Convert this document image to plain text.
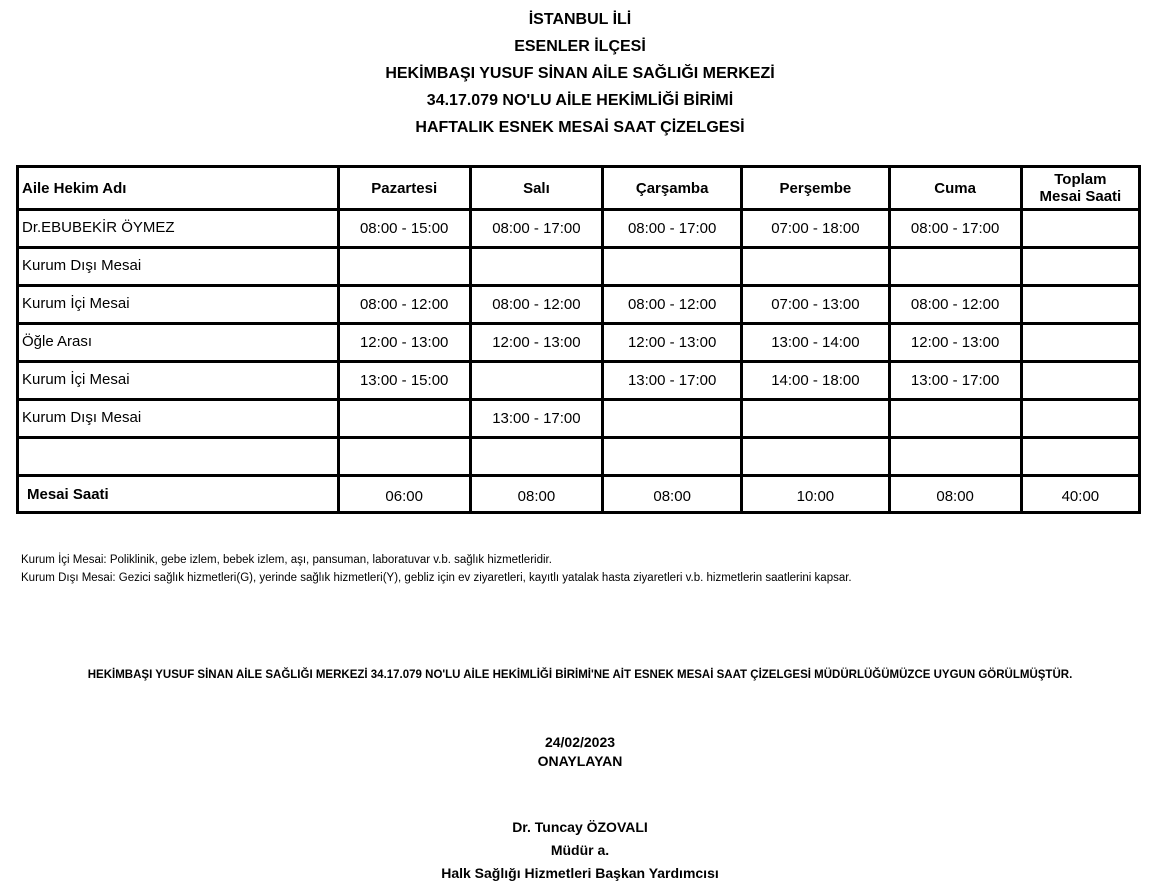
İSTANBUL İLİ
ESENLER İLÇESİ
HEKİMBAŞI YUSUF SİNAN AİLE SAĞLIĞI MERKEZİ
34.17.079 NO'LU AİLE HEKİMLİĞİ BİRİMİ
HAFTALIK ESNEK MESAİ SAAT ÇİZELGESİ
Aile Hekim Adı	Pazartesi	Salı	Çarşamba	Perşembe	Cuma	Toplam
Mesai Saati

Dr.EBUBEKİR ÖYMEZ	08:00 - 15:00	08:00 - 17:00	08:00 - 17:00	07:00 - 18:00	08:00 - 17:00	
Kurum Dışı Mesai						
Kurum İçi Mesai	08:00 - 12:00	08:00 - 12:00	08:00 - 12:00	07:00 - 13:00	08:00 - 12:00	
Öğle Arası	12:00 - 13:00	12:00 - 13:00	12:00 - 13:00	13:00 - 14:00	12:00 - 13:00	
Kurum İçi Mesai	13:00 - 15:00		13:00 - 17:00	14:00 - 18:00	13:00 - 17:00	
Kurum Dışı Mesai		13:00 - 17:00				

Mesai Saati	06:00	08:00	08:00	10:00	08:00	40:00
Kurum İçi Mesai: Poliklinik, gebe izlem, bebek izlem, aşı, pansuman, laboratuvar v.b. sağlık hizmetleridir.
Kurum Dışı Mesai: Gezici sağlık hizmetleri(G), yerinde sağlık hizmetleri(Y), gebliz için ev ziyaretleri, kayıtlı yatalak hasta ziyaretleri v.b. hizmetlerin saatlerini kapsar.
HEKİMBAŞI YUSUF SİNAN AİLE SAĞLIĞI MERKEZİ 34.17.079 NO'LU AİLE HEKİMLİĞİ BİRİMİ'NE AİT ESNEK MESAİ SAAT ÇİZELGESİ MÜDÜRLÜĞÜMÜZCE UYGUN GÖRÜLMÜŞTÜR.
24/02/2023
ONAYLAYAN
Dr. Tuncay ÖZOVALI
Müdür a.
Halk Sağlığı Hizmetleri Başkan Yardımcısı
